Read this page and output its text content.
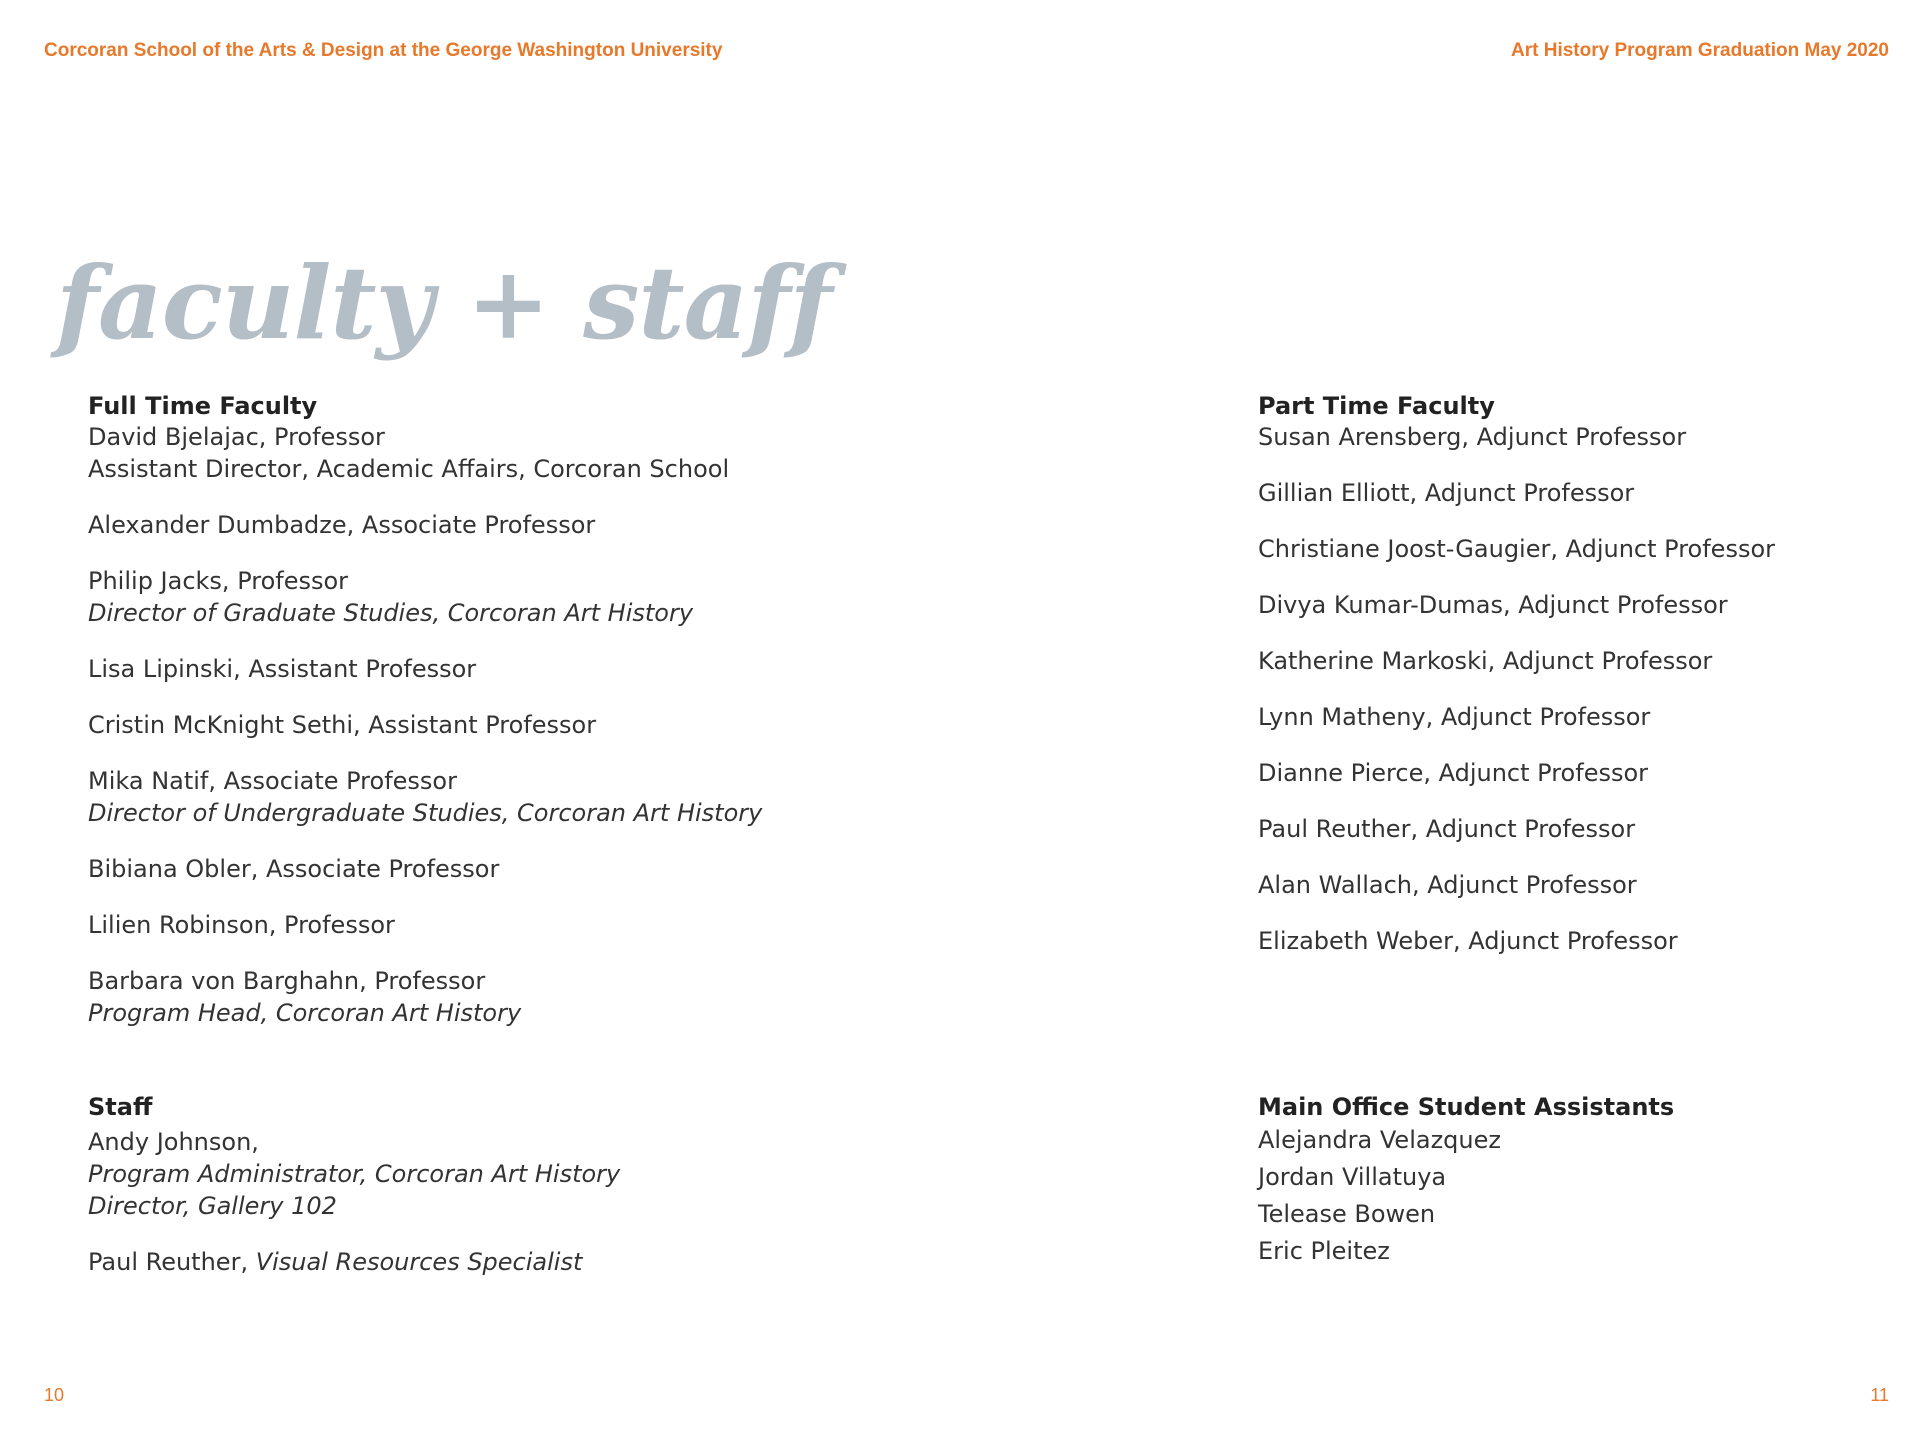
Corcoran School of the Arts & Design at the George Washington University	Art History Program Graduation May 2020
faculty + staff
Full Time Faculty
David Bjelajac, Professor
Assistant Director, Academic Affairs, Corcoran School
Alexander Dumbadze, Associate Professor
Philip Jacks, Professor
Director of Graduate Studies, Corcoran Art History
Lisa Lipinski, Assistant Professor
Cristin McKnight Sethi, Assistant Professor
Mika Natif, Associate Professor
Director of Undergraduate Studies, Corcoran Art History
Bibiana Obler, Associate Professor
Lilien Robinson, Professor
Barbara von Barghahn, Professor
Program Head, Corcoran Art History
Staff
Andy Johnson,
Program Administrator, Corcoran Art History
Director, Gallery 102
Paul Reuther, Visual Resources Specialist
Part Time Faculty
Susan Arensberg, Adjunct Professor
Gillian Elliott, Adjunct Professor
Christiane Joost-Gaugier, Adjunct Professor
Divya Kumar-Dumas, Adjunct Professor
Katherine Markoski, Adjunct Professor
Lynn Matheny, Adjunct Professor
Dianne Pierce, Adjunct Professor
Paul Reuther, Adjunct Professor
Alan Wallach, Adjunct Professor
Elizabeth Weber, Adjunct Professor
Main Office Student Assistants
Alejandra Velazquez
Jordan Villatuya
Telease Bowen
Eric Pleitez
10	11
